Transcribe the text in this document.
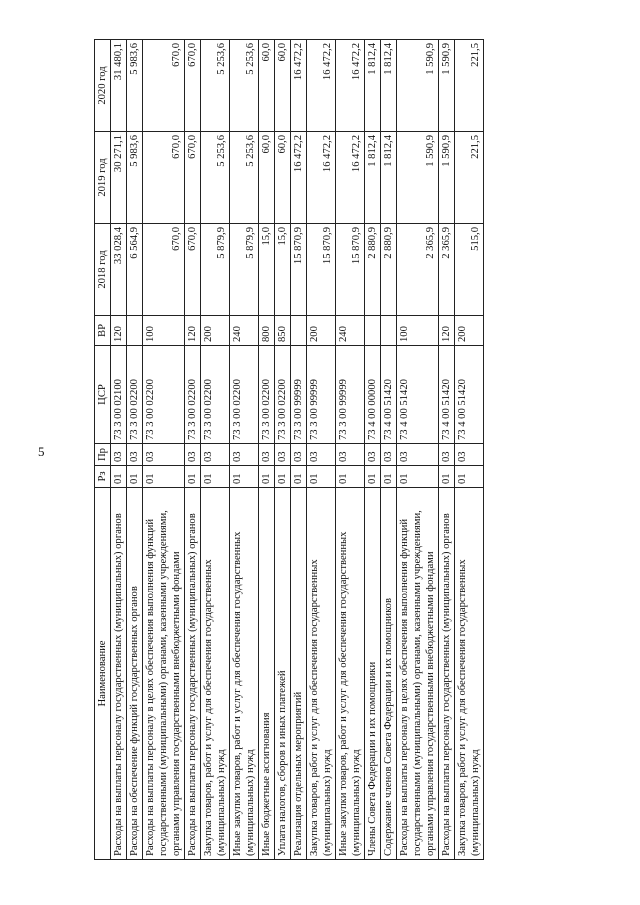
5
Наименование	Рз	Пр	ЦСР	ВР	2018 год	2019 год	2020 год
Расходы на выплаты персоналу государственных (муниципальных) органов	01	03	73 3 00 02100	120	33 028,4	30 271,1	31 480,1
Расходы на обеспечение функций государственных органов	01	03	73 3 00 02200		6 564,9	5 983,6	5 983,6
Расходы на выплаты персоналу в целях обеспечения выполнения функций государственными (муниципальными) органами, казенными учреждениями, органами управления государственными внебюджетными фондами	01	03	73 3 00 02200	100	670,0	670,0	670,0
Расходы на выплаты персоналу государственных (муниципальных) органов	01	03	73 3 00 02200	120	670,0	670,0	670,0
Закупка товаров, работ и услуг для обеспечения государственных (муниципальных) нужд	01	03	73 3 00 02200	200	5 879,9	5 253,6	5 253,6
Иные закупки товаров, работ и услуг для обеспечения государственных (муниципальных) нужд	01	03	73 3 00 02200	240	5 879,9	5 253,6	5 253,6
Иные бюджетные ассигнования	01	03	73 3 00 02200	800	15,0	60,0	60,0
Уплата налогов, сборов и иных платежей	01	03	73 3 00 02200	850	15,0	60,0	60,0
Реализация отдельных мероприятий	01	03	73 3 00 99999		15 870,9	16 472,2	16 472,2
Закупка товаров, работ и услуг для обеспечения государственных (муниципальных) нужд	01	03	73 3 00 99999	200	15 870,9	16 472,2	16 472,2
Иные закупки товаров, работ и услуг для обеспечения государственных (муниципальных) нужд	01	03	73 3 00 99999	240	15 870,9	16 472,2	16 472,2
Члены Совета Федерации и их помощники	01	03	73 4 00 00000		2 880,9	1 812,4	1 812,4
Содержание членов Совета Федерации и их помощников	01	03	73 4 00 51420		2 880,9	1 812,4	1 812,4
Расходы на выплаты персоналу в целях обеспечения выполнения функций государственными (муниципальными) органами, казенными учреждениями, органами управления государственными внебюджетными фондами	01	03	73 4 00 51420	100	2 365,9	1 590,9	1 590,9
Расходы на выплаты персоналу государственных (муниципальных) органов	01	03	73 4 00 51420	120	2 365,9	1 590,9	1 590,9
Закупка товаров, работ и услуг для обеспечения государственных (муниципальных) нужд	01	03	73 4 00 51420	200	515,0	221,5	221,5
